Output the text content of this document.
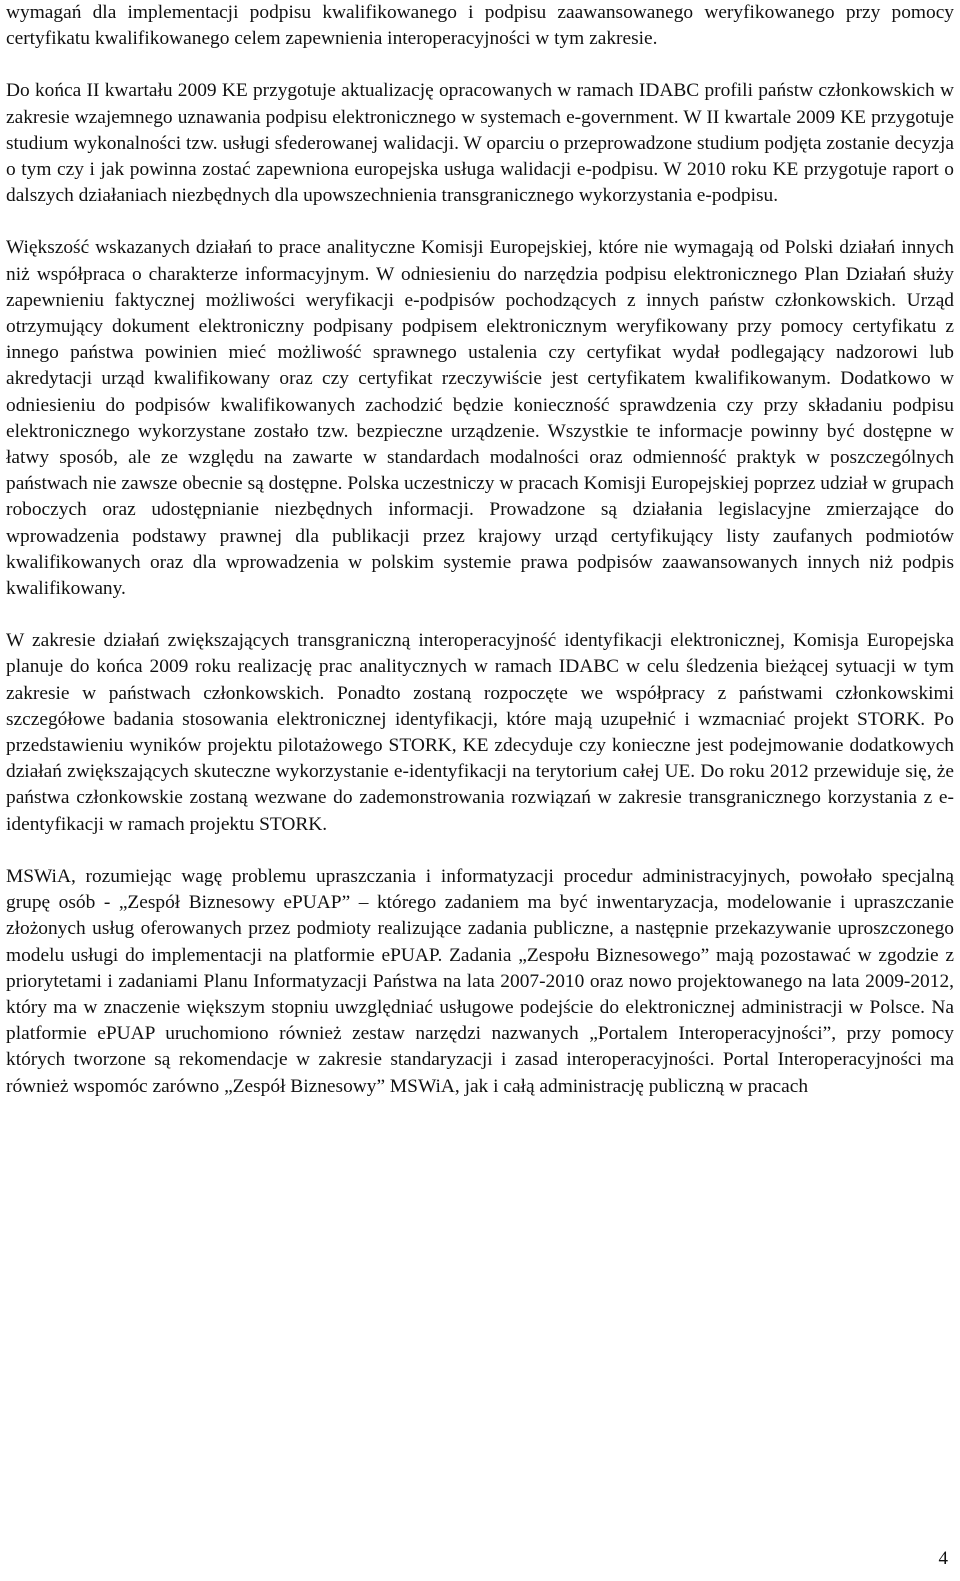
wymagań dla implementacji podpisu kwalifikowanego i podpisu zaawansowanego weryfikowanego przy pomocy certyfikatu kwalifikowanego celem zapewnienia interoperacyjności w tym zakresie.

Do końca II kwartału 2009 KE przygotuje aktualizację opracowanych w ramach IDABC profili państw członkowskich w zakresie wzajemnego uznawania podpisu elektronicznego w systemach e-government. W II kwartale 2009 KE przygotuje studium wykonalności tzw. usługi sfederowanej walidacji. W oparciu o przeprowadzone studium podjęta zostanie decyzja o tym czy i jak powinna zostać zapewniona europejska usługa walidacji e-podpisu. W 2010 roku KE przygotuje raport o dalszych działaniach niezbędnych dla upowszechnienia transgranicznego wykorzystania e-podpisu.

Większość wskazanych działań to prace analityczne Komisji Europejskiej, które nie wymagają od Polski działań innych niż współpraca o charakterze informacyjnym. W odniesieniu do narzędzia podpisu elektronicznego Plan Działań służy zapewnieniu faktycznej możliwości weryfikacji e-podpisów pochodzących z innych państw członkowskich. Urząd otrzymujący dokument elektroniczny podpisany podpisem elektronicznym weryfikowany przy pomocy certyfikatu z innego państwa powinien mieć możliwość sprawnego ustalenia czy certyfikat wydał podlegający nadzorowi lub akredytacji urząd kwalifikowany oraz czy certyfikat rzeczywiście jest certyfikatem kwalifikowanym. Dodatkowo w odniesieniu do podpisów kwalifikowanych zachodzić będzie konieczność sprawdzenia czy przy składaniu podpisu elektronicznego wykorzystane zostało tzw. bezpieczne urządzenie. Wszystkie te informacje powinny być dostępne w łatwy sposób, ale ze względu na zawarte w standardach modalności oraz odmienność praktyk w poszczególnych państwach nie zawsze obecnie są dostępne. Polska uczestniczy w pracach Komisji Europejskiej poprzez udział w grupach roboczych oraz udostępnianie niezbędnych informacji. Prowadzone są działania legislacyjne zmierzające do wprowadzenia podstawy prawnej dla publikacji przez krajowy urząd certyfikujący listy zaufanych podmiotów kwalifikowanych oraz dla wprowadzenia w polskim systemie prawa podpisów zaawansowanych innych niż podpis kwalifikowany.

W zakresie działań zwiększających transgraniczną interoperacyjność identyfikacji elektronicznej, Komisja Europejska planuje do końca 2009 roku realizację prac analitycznych w ramach IDABC w celu śledzenia bieżącej sytuacji w tym zakresie w państwach członkowskich. Ponadto zostaną rozpoczęte we współpracy z państwami członkowskimi szczegółowe badania stosowania elektronicznej identyfikacji, które mają uzupełnić i wzmacniać projekt STORK. Po przedstawieniu wyników projektu pilotażowego STORK, KE zdecyduje czy konieczne jest podejmowanie dodatkowych działań zwiększających skuteczne wykorzystanie e-identyfikacji na terytorium całej UE. Do roku 2012 przewiduje się, że państwa członkowskie zostaną wezwane do zademonstrowania rozwiązań w zakresie transgranicznego korzystania z e-identyfikacji w ramach projektu STORK.

MSWiA, rozumiejąc wagę problemu upraszczania i informatyzacji procedur administracyjnych, powołało specjalną grupę osób - „Zespół Biznesowy ePUAP” – którego zadaniem ma być inwentaryzacja, modelowanie i upraszczanie złożonych usług oferowanych przez podmioty realizujące zadania publiczne, a następnie przekazywanie uproszczonego modelu usługi do implementacji na platformie ePUAP. Zadania „Zespołu Biznesowego” mają pozostawać w zgodzie z priorytetami i zadaniami Planu Informatyzacji Państwa na lata 2007-2010 oraz nowo projektowanego na lata 2009-2012, który ma w znaczenie większym stopniu uwzględniać usługowe podejście do elektronicznej administracji w Polsce. Na platformie ePUAP uruchomiono również zestaw narzędzi nazwanych „Portalem Interoperacyjności”, przy pomocy których tworzone są rekomendacje w zakresie standaryzacji i zasad interoperacyjności. Portal Interoperacyjności ma również wspomóc zarówno „Zespół Biznesowy” MSWiA, jak i całą administrację publiczną w pracach

4
